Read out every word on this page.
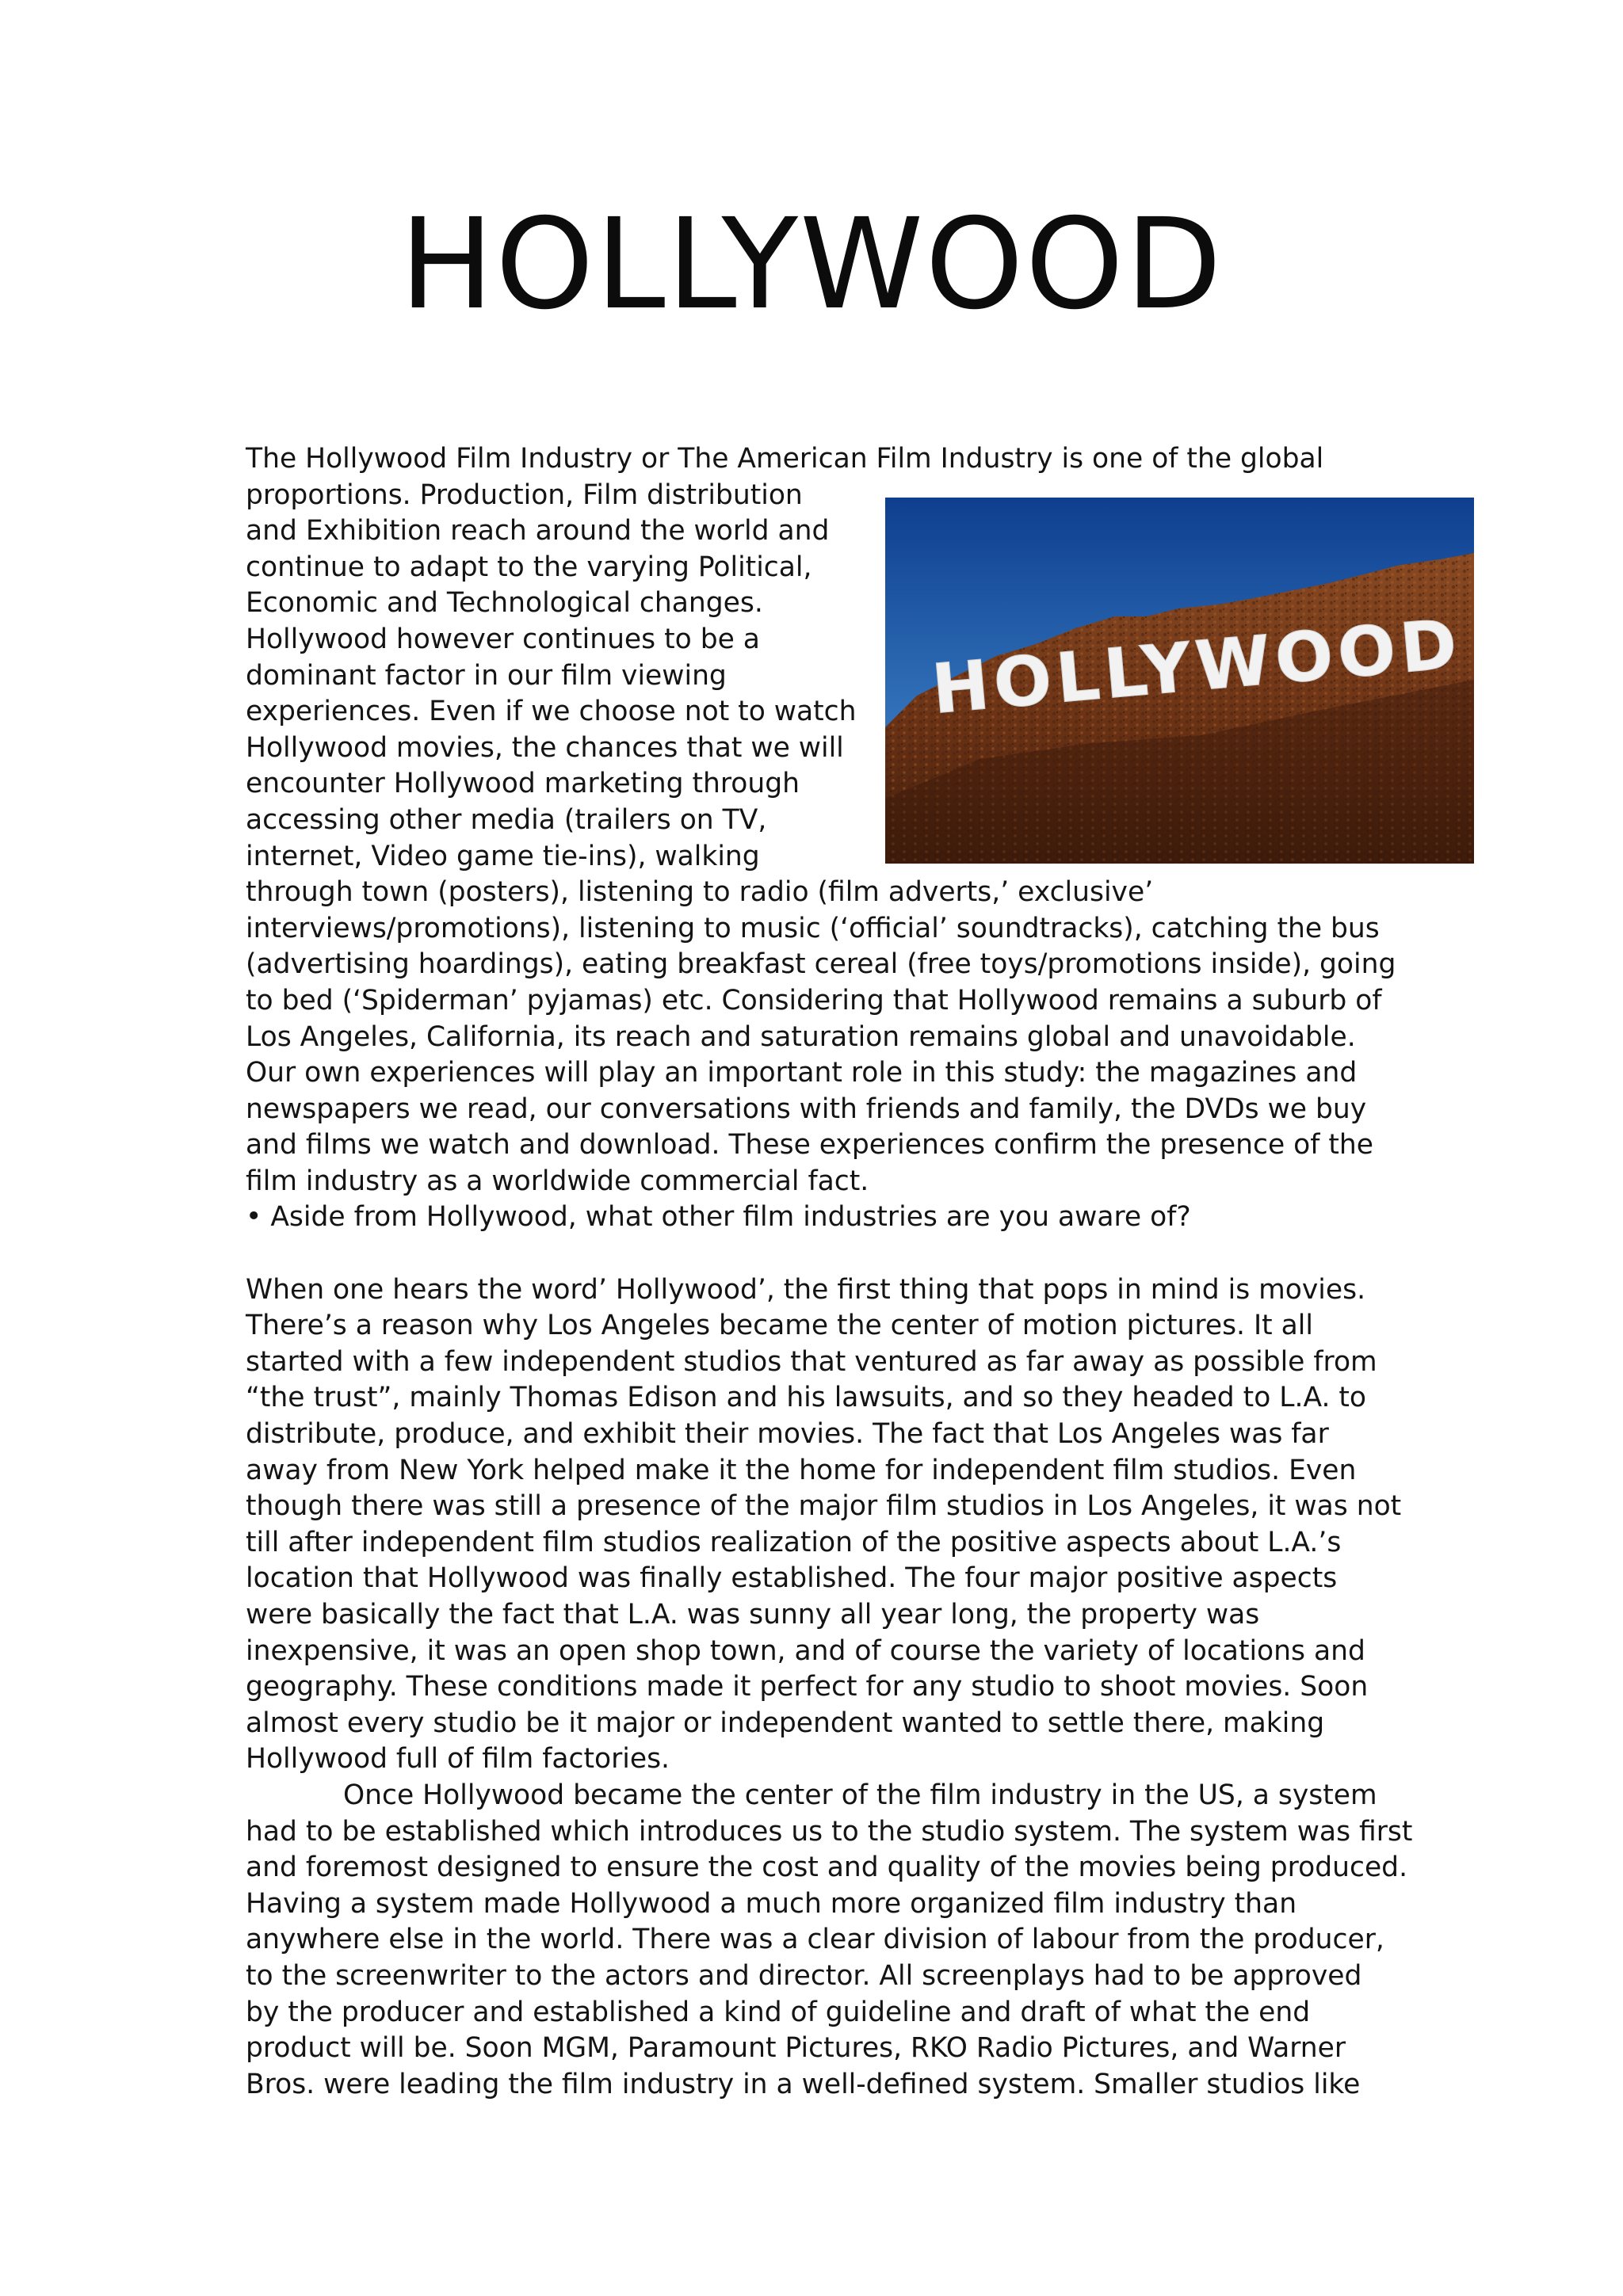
HOLLYWOOD
HOLLYWOOD

The Hollywood Film Industry or The American Film Industry is one of the global
proportions. Production, Film distribution
and Exhibition reach around the world and
continue to adapt to the varying Political,
Economic and Technological changes.
Hollywood however continues to be a
dominant factor in our film viewing
experiences. Even if we choose not to watch
Hollywood movies, the chances that we will
encounter Hollywood marketing through
accessing other media (trailers on TV,
internet, Video game tie-ins), walking
through town (posters), listening to radio (film adverts,’ exclusive’
interviews/promotions), listening to music (‘official’ soundtracks), catching the bus
(advertising hoardings), eating breakfast cereal (free toys/promotions inside), going
to bed (‘Spiderman’ pyjamas) etc. Considering that Hollywood remains a suburb of
Los Angeles, California, its reach and saturation remains global and unavoidable.
Our own experiences will play an important role in this study: the magazines and
newspapers we read, our conversations with friends and family, the DVDs we buy
and films we watch and download. These experiences confirm the presence of the
film industry as a worldwide commercial fact.
• Aside from Hollywood, what other film industries are you aware of?

When one hears the word’ Hollywood’, the first thing that pops in mind is movies.
There’s a reason why Los Angeles became the center of motion pictures. It all
started with a few independent studios that ventured as far away as possible from
“the trust”, mainly Thomas Edison and his lawsuits, and so they headed to L.A. to
distribute, produce, and exhibit their movies. The fact that Los Angeles was far
away from New York helped make it the home for independent film studios. Even
though there was still a presence of the major film studios in Los Angeles, it was not
till after independent film studios realization of the positive aspects about L.A.’s
location that Hollywood was finally established. The four major positive aspects
were basically the fact that L.A. was sunny all year long, the property was
inexpensive, it was an open shop town, and of course the variety of locations and
geography. These conditions made it perfect for any studio to shoot movies. Soon
almost every studio be it major or independent wanted to settle there, making
Hollywood full of film factories.

Once Hollywood became the center of the film industry in the US, a system
had to be established which introduces us to the studio system. The system was first
and foremost designed to ensure the cost and quality of the movies being produced.
Having a system made Hollywood a much more organized film industry than
anywhere else in the world. There was a clear division of labour from the producer,
to the screenwriter to the actors and director. All screenplays had to be approved
by the producer and established a kind of guideline and draft of what the end
product will be. Soon MGM, Paramount Pictures, RKO Radio Pictures, and Warner
Bros. were leading the film industry in a well-defined system. Smaller studios like
